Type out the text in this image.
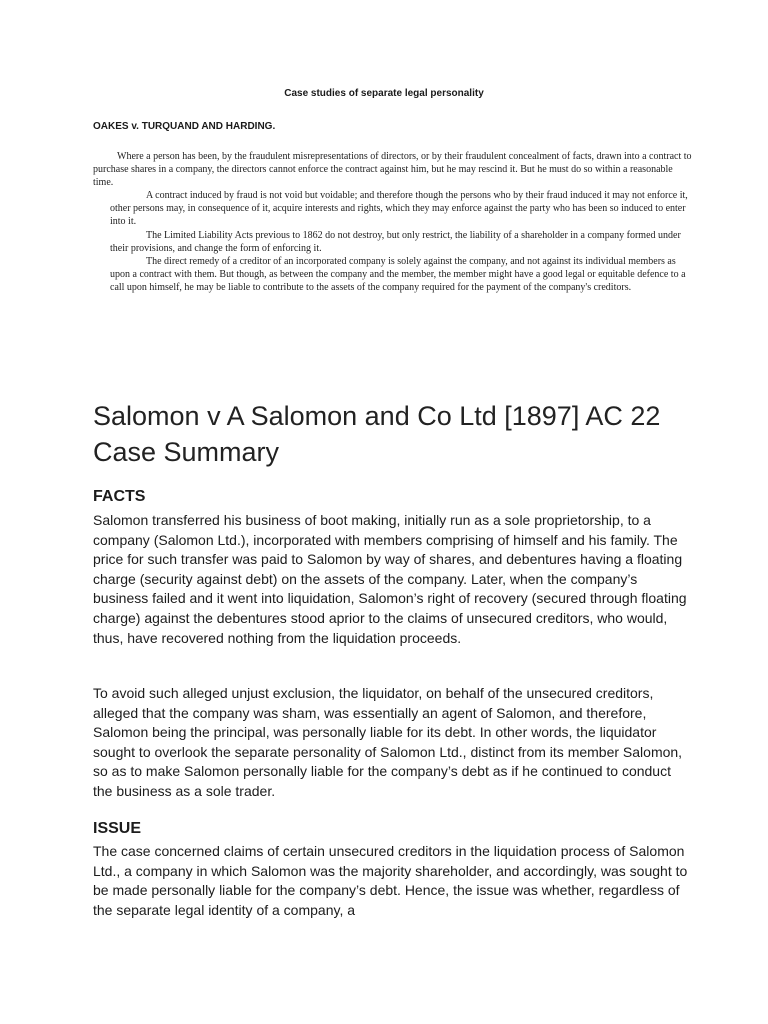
Case studies of separate legal personality
OAKES v. TURQUAND AND HARDING.

Where a person has been, by the fraudulent misrepresentations of directors, or by their fraudulent concealment of facts, drawn into a contract to purchase shares in a company, the directors cannot enforce the contract against him, but he may rescind it. But he must do so within a reasonable time.

A contract induced by fraud is not void but voidable; and therefore though the persons who by their fraud induced it may not enforce it, other persons may, in consequence of it, acquire interests and rights, which they may enforce against the party who has been so induced to enter into it.

The Limited Liability Acts previous to 1862 do not destroy, but only restrict, the liability of a shareholder in a company formed under their provisions, and change the form of enforcing it.

The direct remedy of a creditor of an incorporated company is solely against the company, and not against its individual members as upon a contract with them. But though, as between the company and the member, the member might have a good legal or equitable defence to a call upon himself, he may be liable to contribute to the assets of the company required for the payment of the company's creditors.

Salomon v A Salomon and Co Ltd [1897] AC 22 Case Summary
FACTS

Salomon transferred his business of boot making, initially run as a sole proprietorship, to a company (Salomon Ltd.), incorporated with members comprising of himself and his family. The price for such transfer was paid to Salomon by way of shares, and debentures having a floating charge (security against debt) on the assets of the company. Later, when the company’s business failed and it went into liquidation, Salomon’s right of recovery (secured through floating charge) against the debentures stood aprior to the claims of unsecured creditors, who would, thus, have recovered nothing from the liquidation proceeds.

To avoid such alleged unjust exclusion, the liquidator, on behalf of the unsecured creditors, alleged that the company was sham, was essentially an agent of Salomon, and therefore, Salomon being the principal, was personally liable for its debt. In other words, the liquidator sought to overlook the separate personality of Salomon Ltd., distinct from its member Salomon, so as to make Salomon personally liable for the company’s debt as if he continued to conduct the business as a sole trader.

ISSUE

The case concerned claims of certain unsecured creditors in the liquidation process of Salomon Ltd., a company in which Salomon was the majority shareholder, and accordingly, was sought to be made personally liable for the company’s debt. Hence, the issue was whether, regardless of the separate legal identity of a company, a
